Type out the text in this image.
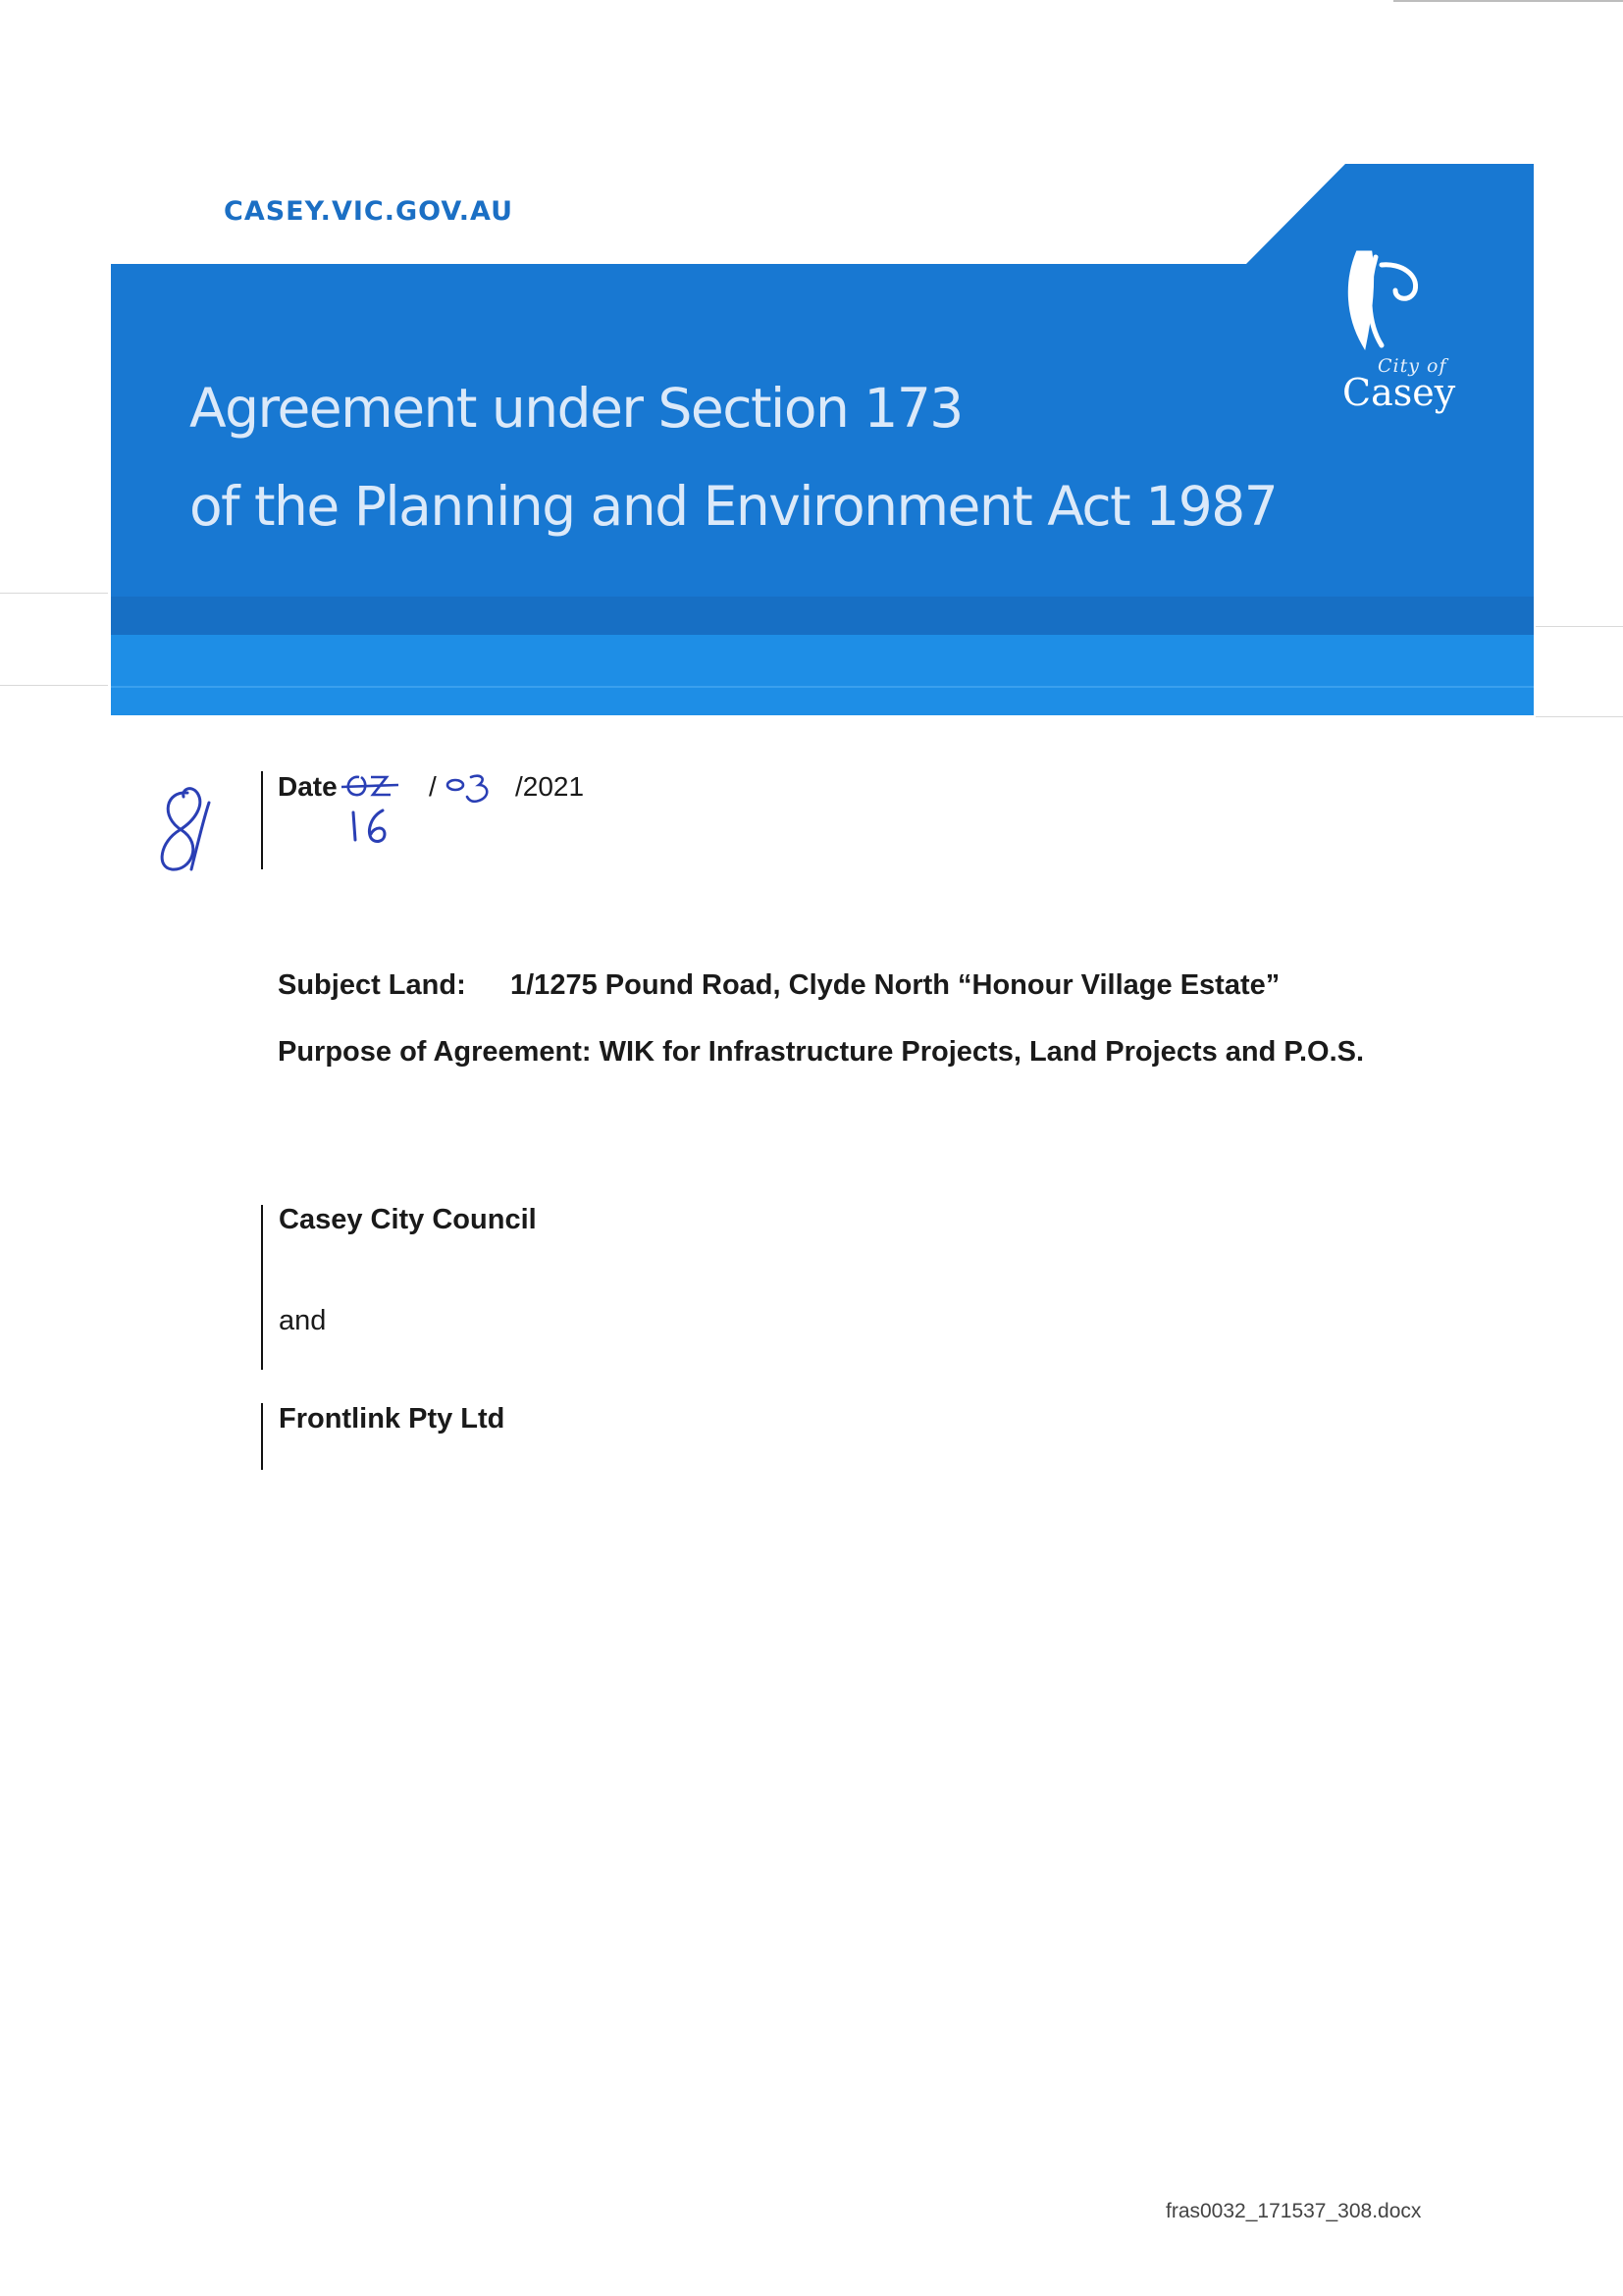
CASEY.VIC.GOV.AU
Agreement under Section 173
of the Planning and Environment Act 1987
City of
Casey
Date	/	/2021
Subject Land: 1/1275 Pound Road, Clyde North “Honour Village Estate”
Purpose of Agreement: WIK for Infrastructure Projects, Land Projects and P.O.S.
Casey City Council
and
Frontlink Pty Ltd
fras0032_171537_308.docx
